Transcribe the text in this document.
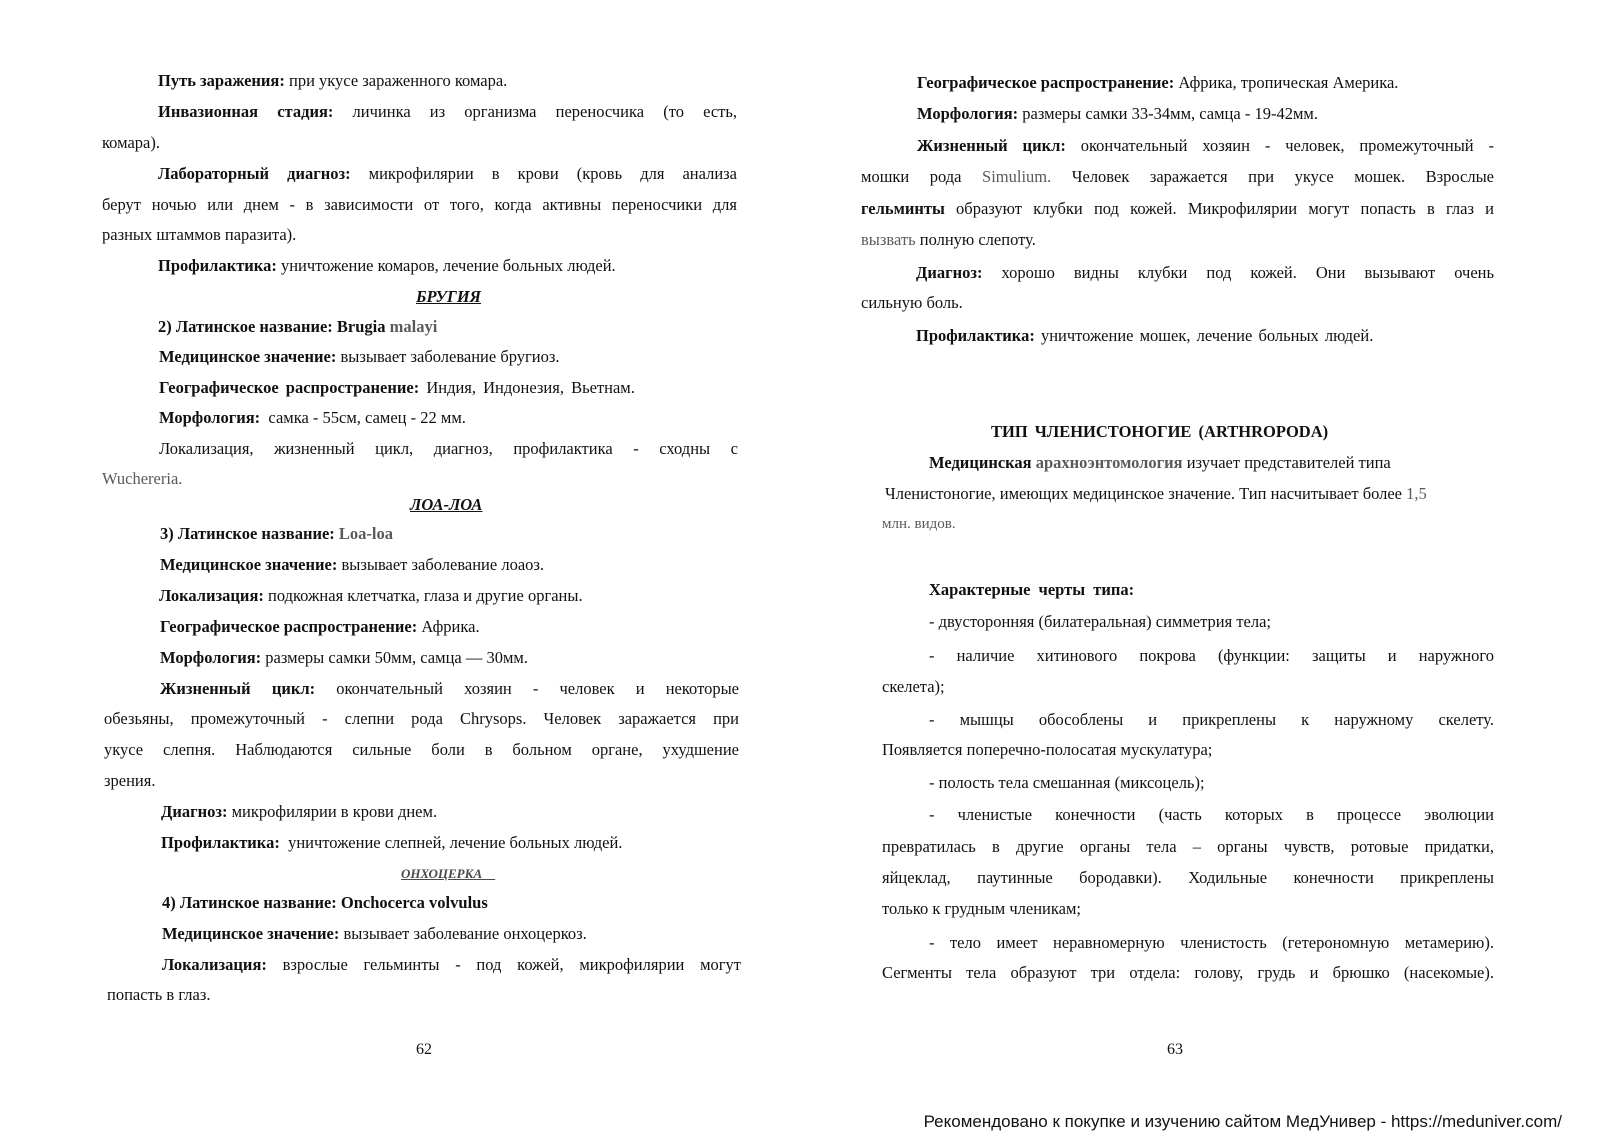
Путь заражения: при укусе зараженного комара.
Инвазионная стадия: личинка из организма переносчика (то есть,
комара).
Лабораторный диагноз: микрофилярии в крови (кровь для анализа
берут ночью или днем - в зависимости от того, когда активны переносчики для
разных штаммов паразита).
Профилактика: уничтожение комаров, лечение больных людей.
БРУГИЯ
2) Латинское название: Brugia malayi
Медицинское значение: вызывает заболевание бругиоз.
Географическое распространение: Индия, Индонезия, Вьетнам.
Морфология: самка - 55см, самец - 22 мм.
Локализация, жизненный цикл, диагноз, профилактика - сходны с
Wuchereria.
ЛОА-ЛОА
3) Латинское название: Loa-loa
Медицинское значение: вызывает заболевание лоаоз.
Локализация: подкожная клетчатка, глаза и другие органы.
Географическое распространение: Африка.
Морфология: размеры самки 50мм, самца — 30мм.
Жизненный цикл: окончательный хозяин - человек и некоторые
обезьяны, промежуточный - слепни рода Chrysops. Человек заражается при
укусе слепня. Наблюдаются сильные боли в больном органе, ухудшение
зрения.
Диагноз: микрофилярии в крови днем.
Профилактика: уничтожение слепней, лечение больных людей.
ОНХОЦЕРКА
4) Латинское название: Onchocerca volvulus
Медицинское значение: вызывает заболевание онхоцеркоз.
Локализация: взрослые гельминты - под кожей, микрофилярии могут
попасть в глаз.
62
Географическое распространение: Африка, тропическая Америка.
Морфология: размеры самки 33-34мм, самца - 19-42мм.
Жизненный цикл: окончательный хозяин - человек, промежуточный -
мошки рода Simulium. Человек заражается при укусе мошек. Взрослые
гельминты образуют клубки под кожей. Микрофилярии могут попасть в глаз и
вызвать полную слепоту.
Диагноз: хорошо видны клубки под кожей. Они вызывают очень
сильную боль.
Профилактика: уничтожение мошек, лечение больных людей.
ТИП ЧЛЕНИСТОНОГИЕ (ARTHROPODA)
Медицинская арахноэнтомология изучает представителей типа
Членистоногие, имеющих медицинское значение. Тип насчитывает более 1,5
млн. видов.
Характерные черты типа:
- двусторонняя (билатеральная) симметрия тела;
- наличие хитинового покрова (функции: защиты и наружного
скелета);
- мышцы обособлены и прикреплены к наружному скелету.
Появляется поперечно-полосатая мускулатура;
- полость тела смешанная (миксоцель);
- членистые конечности (часть которых в процессе эволюции
превратилась в другие органы тела – органы чувств, ротовые придатки,
яйцеклад, паутинные бородавки). Ходильные конечности прикреплены
только к грудным членикам;
- тело имеет неравномерную членистость (гетерономную метамерию).
Сегменты тела образуют три отдела: голову, грудь и брюшко (насекомые).
63
Рекомендовано к покупке и изучению сайтом МедУнивер - https://meduniver.com/
